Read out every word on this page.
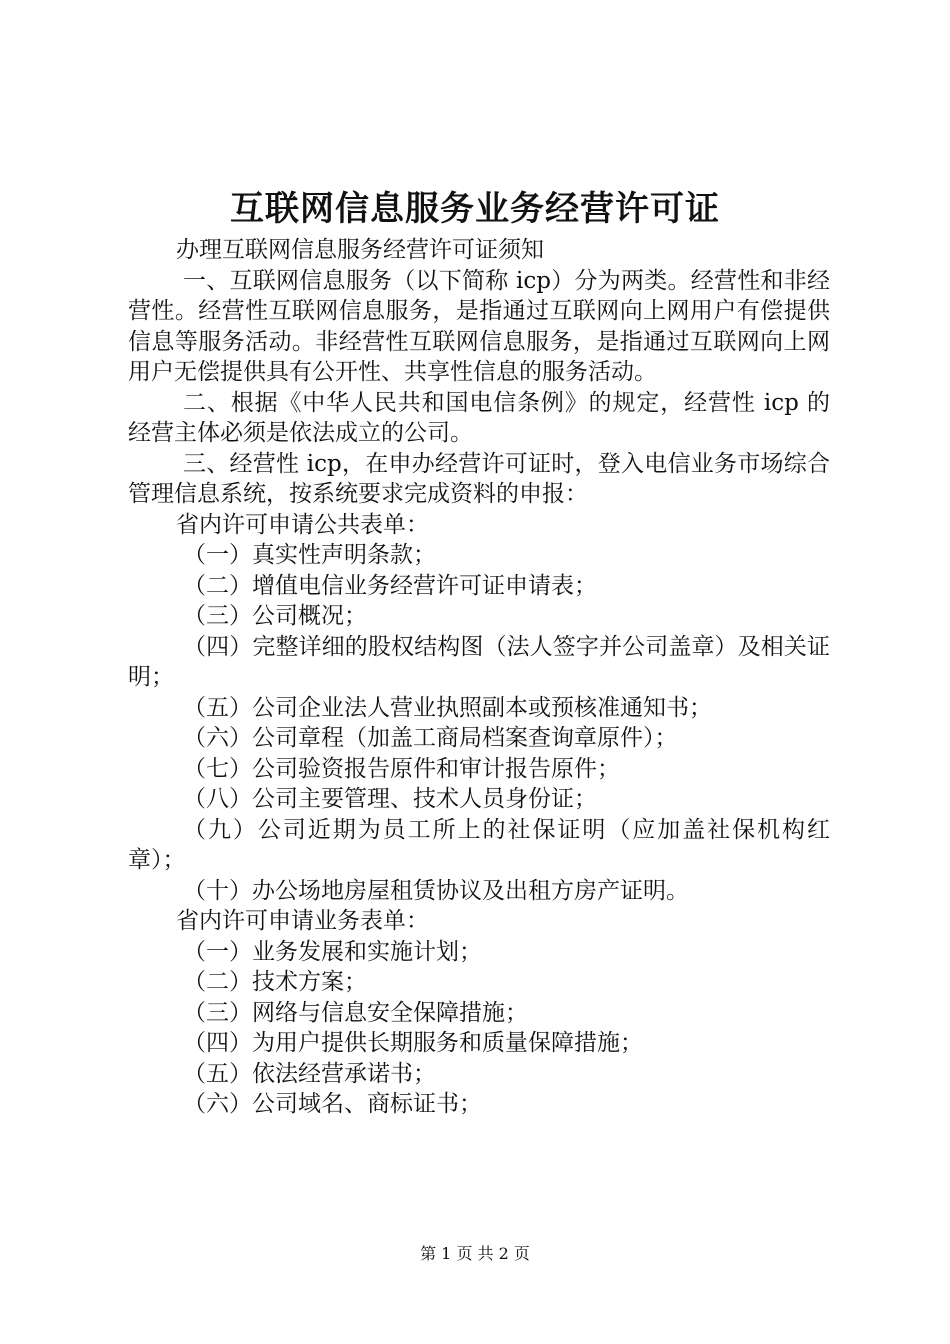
互联网信息服务业务经营许可证

办理互联网信息服务经营许可证须知

一、互联网信息服务（以下简称 icp）分为两类。经营性和非经营性。经营性互联网信息服务，是指通过互联网向上网用户有偿提供信息等服务活动。非经营性互联网信息服务，是指通过互联网向上网用户无偿提供具有公开性、共享性信息的服务活动。

二、根据《中华人民共和国电信条例》的规定，经营性 icp 的经营主体必须是依法成立的公司。

三、经营性 icp，在申办经营许可证时，登入电信业务市场综合管理信息系统，按系统要求完成资料的申报：

省内许可申请公共表单：

（一）真实性声明条款；

（二）增值电信业务经营许可证申请表；

（三）公司概况；

（四）完整详细的股权结构图（法人签字并公司盖章）及相关证明；

（五）公司企业法人营业执照副本或预核准通知书；

（六）公司章程（加盖工商局档案查询章原件）；

（七）公司验资报告原件和审计报告原件；

（八）公司主要管理、技术人员身份证；

（九）公司近期为员工所上的社保证明（应加盖社保机构红章）；

（十）办公场地房屋租赁协议及出租方房产证明。

省内许可申请业务表单：

（一）业务发展和实施计划；

（二）技术方案；

（三）网络与信息安全保障措施；

（四）为用户提供长期服务和质量保障措施；

（五）依法经营承诺书；

（六）公司域名、商标证书；

第 1 页 共 2 页
